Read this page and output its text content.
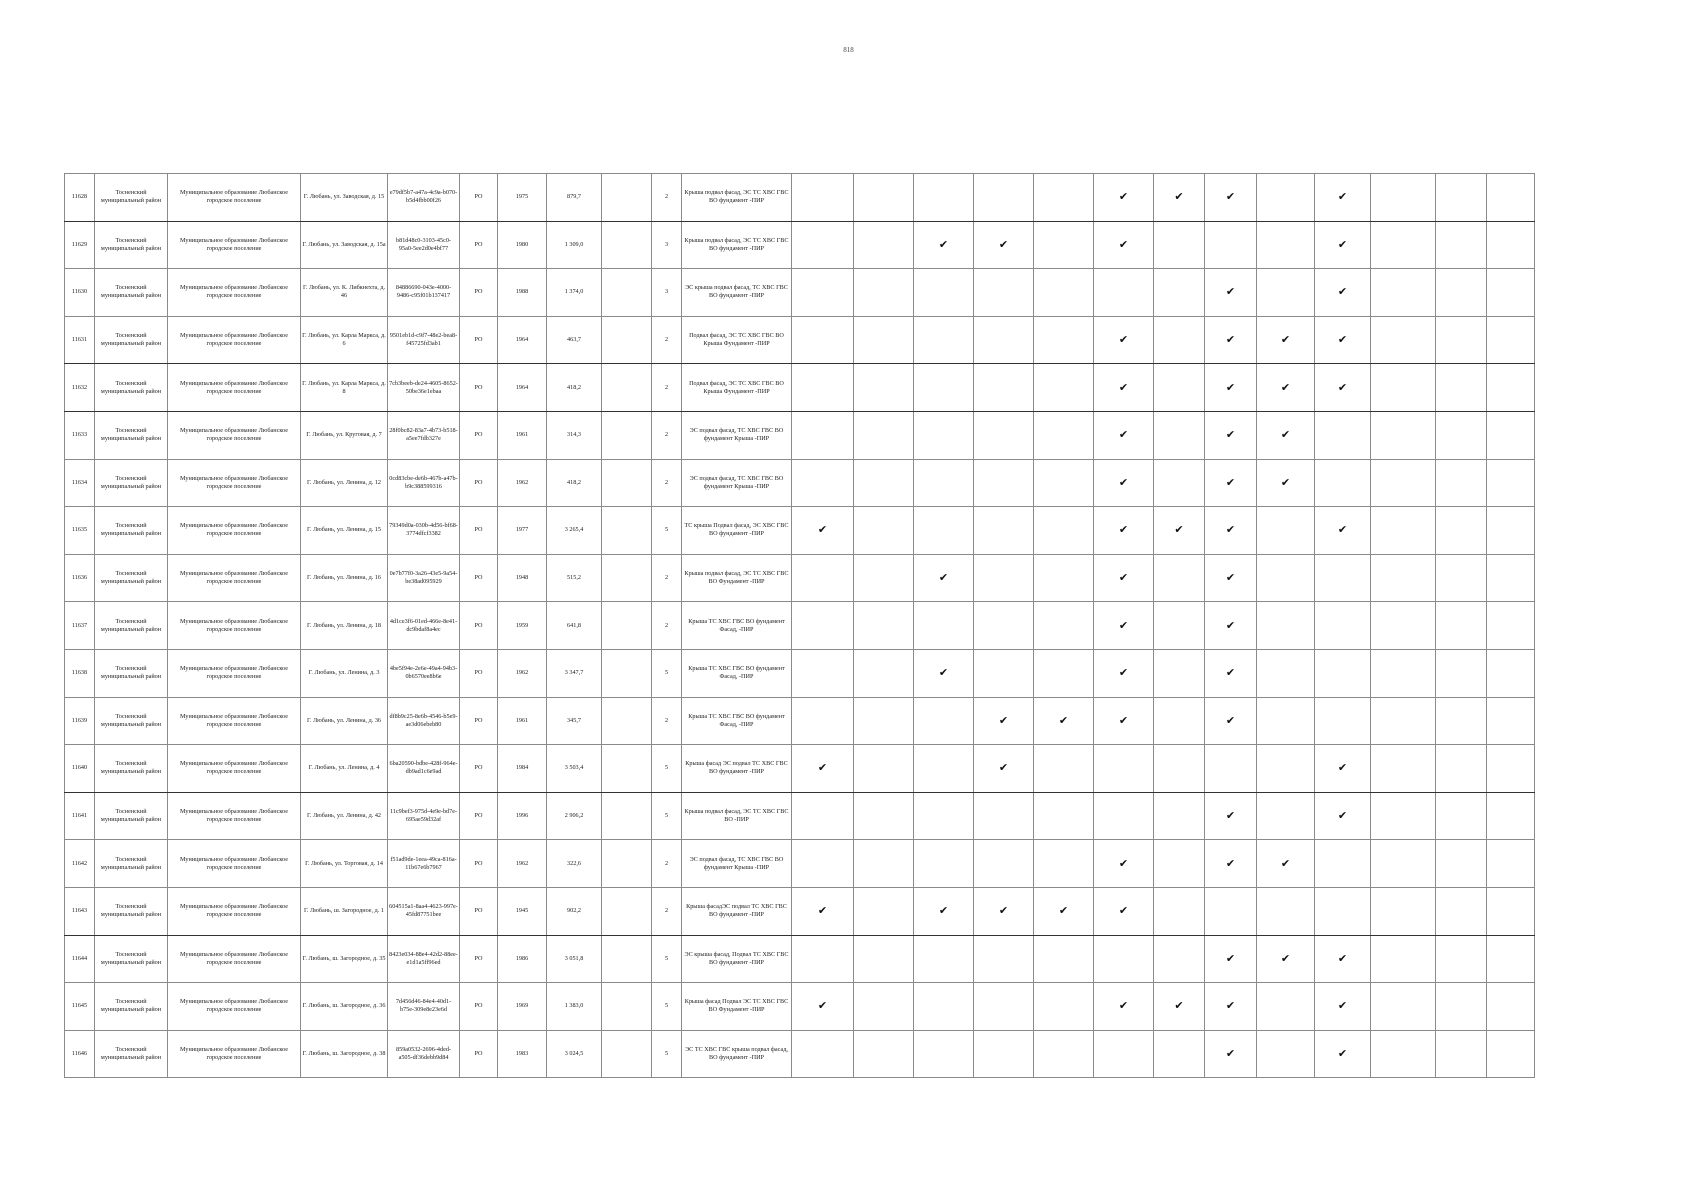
818
11628	Тосненский муниципальный район	Муниципальное образование Любанское городское поселение	Г. Любань, ул. Заводская, д. 15	e79df5b7-a47a-4c9a-b070-b5d4fbb00f26	РО	1975	879,7		2	Крыша подвал фасад, ЭС ТС ХВС ГВС ВО фундамент -ПИР						✔	✔	✔		✔			
11629	Тосненский муниципальный район	Муниципальное образование Любанское городское поселение	Г. Любань, ул. Заводская, д. 15а	b81d48c0-3103-45c0-95a0-5ee2d0e4bf77	РО	1980	1 309,0		3	Крыша подвал фасад, ЭС ТС ХВС ГВС ВО фундамент -ПИР			✔	✔		✔				✔			
11630	Тосненский муниципальный район	Муниципальное образование Любанское городское поселение	Г. Любань, ул. К. Либкнехта, д. 46	84886690-043e-4000-9486-c95f01b137417	РО	1988	1 374,0		3	ЭС крыша подвал фасад, ТС ХВС ГВС ВО фундамент -ПИР								✔		✔			
11631	Тосненский муниципальный район	Муниципальное образование Любанское городское поселение	Г. Любань, ул. Карла Маркса, д. 6	9501eb1d-c9f7-48e2-bea8-f45725fd3ab1	РО	1964	463,7		2	Подвал фасад, ЭС ТС ХВС ГВС ВО Крыша Фундамент -ПИР						✔		✔	✔	✔			
11632	Тосненский муниципальный район	Муниципальное образование Любанское городское поселение	Г. Любань, ул. Карла Маркса, д. 8	7cb3beeb-de24-4605-8652-50be36e1ebaa	РО	1964	418,2		2	Подвал фасад, ЭС ТС ХВС ГВС ВО Крыша Фундамент -ПИР						✔		✔	✔	✔			
11633	Тосненский муниципальный район	Муниципальное образование Любанское городское поселение	Г. Любань, ул. Круговая, д. 7	28f0bc82-83a7-4b73-b518-a5ee7fdb327e	РО	1961	314,3		2	ЭС подвал фасад, ТС ХВС ГВС ВО фундамент Крыша -ПИР						✔		✔	✔				
11634	Тосненский муниципальный район	Муниципальное образование Любанское городское поселение	Г. Любань, ул. Ленина, д. 12	0cd83cbe-de6b-467b-a47b-b9c388599316	РО	1962	418,2		2	ЭС подвал фасад, ТС ХВС ГВС ВО фундамент Крыша -ПИР						✔		✔	✔				
11635	Тосненский муниципальный район	Муниципальное образование Любанское городское поселение	Г. Любань, ул. Ленина, д. 15	79349d0a-030b-4d56-bf68-3774dfcf3382	РО	1977	3 265,4		5	ТС крыша Подвал фасад, ЭС ХВС ГВС ВО фундамент -ПИР	✔					✔	✔	✔		✔			
11636	Тосненский муниципальный район	Муниципальное образование Любанское городское поселение	Г. Любань, ул. Ленина, д. 16	0e7b77f0-3a26-43e5-9a54-be38ad095929	РО	1948	515,2		2	Крыша подвал фасад, ЭС ТС ХВС ГВС ВО Фундамент -ПИР			✔			✔		✔					
11637	Тосненский муниципальный район	Муниципальное образование Любанское городское поселение	Г. Любань, ул. Ленина, д. 18	4d1ce3f6-01ed-466e-8e41-dc9bdaf8a4ec	РО	1959	641,8		2	Крыша ТС ХВС ГВС ВО фундамент Фасад, -ПИР						✔		✔					
11638	Тосненский муниципальный район	Муниципальное образование Любанское городское поселение	Г. Любань, ул. Ленина, д. 3	4be5f94e-2e6e-49a4-94b3-0b6570ee8b6e	РО	1962	3 347,7		5	Крыша ТС ХВС ГВС ВО фундамент Фасад, -ПИР			✔			✔		✔					
11639	Тосненский муниципальный район	Муниципальное образование Любанское городское поселение	Г. Любань, ул. Ленина, д. 36	df8b9c25-8e6b-4546-b5e9-ae3d06ebeb80	РО	1961	345,7		2	Крыша ТС ХВС ГВС ВО фундамент Фасад, -ПИР				✔	✔	✔		✔					
11640	Тосненский муниципальный район	Муниципальное образование Любанское городское поселение	Г. Любань, ул. Ленина, д. 4	6ba20590-bdbe-428f-964e-db9ad1c6e9ad	РО	1984	3 503,4		5	Крыша фасад ЭС подвал ТС ХВС ГВС ВО фундамент -ПИР	✔			✔						✔			
11641	Тосненский муниципальный район	Муниципальное образование Любанское городское поселение	Г. Любань, ул. Ленина, д. 42	11c9bef3-975d-4e9e-bd7e-695ae59d32af	РО	1996	2 906,2		5	Крыша подвал фасад, ЭС ТС ХВС ГВС ВО -ПИР								✔		✔			
11642	Тосненский муниципальный район	Муниципальное образование Любанское городское поселение	Г. Любань, ул. Торговая, д. 14	f51ad9de-1eea-49ca-816a-11b67e6b7967	РО	1962	322,6		2	ЭС подвал фасад, ТС ХВС ГВС ВО фундамент Крыша -ПИР						✔		✔	✔				
11643	Тосненский муниципальный район	Муниципальное образование Любанское городское поселение	Г. Любань, ш. Загородное, д. 1	604515a1-8aa4-4623-997e-45fd87751bee	РО	1945	902,2		2	Крыша фасадЭС подвал ТС ХВС ГВС ВО фундамент -ПИР	✔		✔	✔	✔	✔							
11644	Тосненский муниципальный район	Муниципальное образование Любанское городское поселение	Г. Любань, ш. Загородное, д. 35	8423e034-88e4-42d2-88ee-e1d1a5ff96ed	РО	1986	3 051,8		5	ЭС крыша фасад, Подвал ТС ХВС ГВС ВО фундамент -ПИР								✔	✔	✔			
11645	Тосненский муниципальный район	Муниципальное образование Любанское городское поселение	Г. Любань, ш. Загородное, д. 36	7d456d46-84e4-40d1-b75e-309e8e23e6d	РО	1969	1 383,0		5	Крыша фасад Подвал ЭС ТС ХВС ГВС ВО Фундамент -ПИР	✔					✔	✔	✔		✔			
11646	Тосненский муниципальный район	Муниципальное образование Любанское городское поселение	Г. Любань, ш. Загородное, д. 38	859a0532-2696-4ded-a505-df36debb9d84	РО	1983	3 024,5		5	ЭС ТС ХВС ГВС крыша подвал фасад, ВО фундамент -ПИР								✔		✔			
